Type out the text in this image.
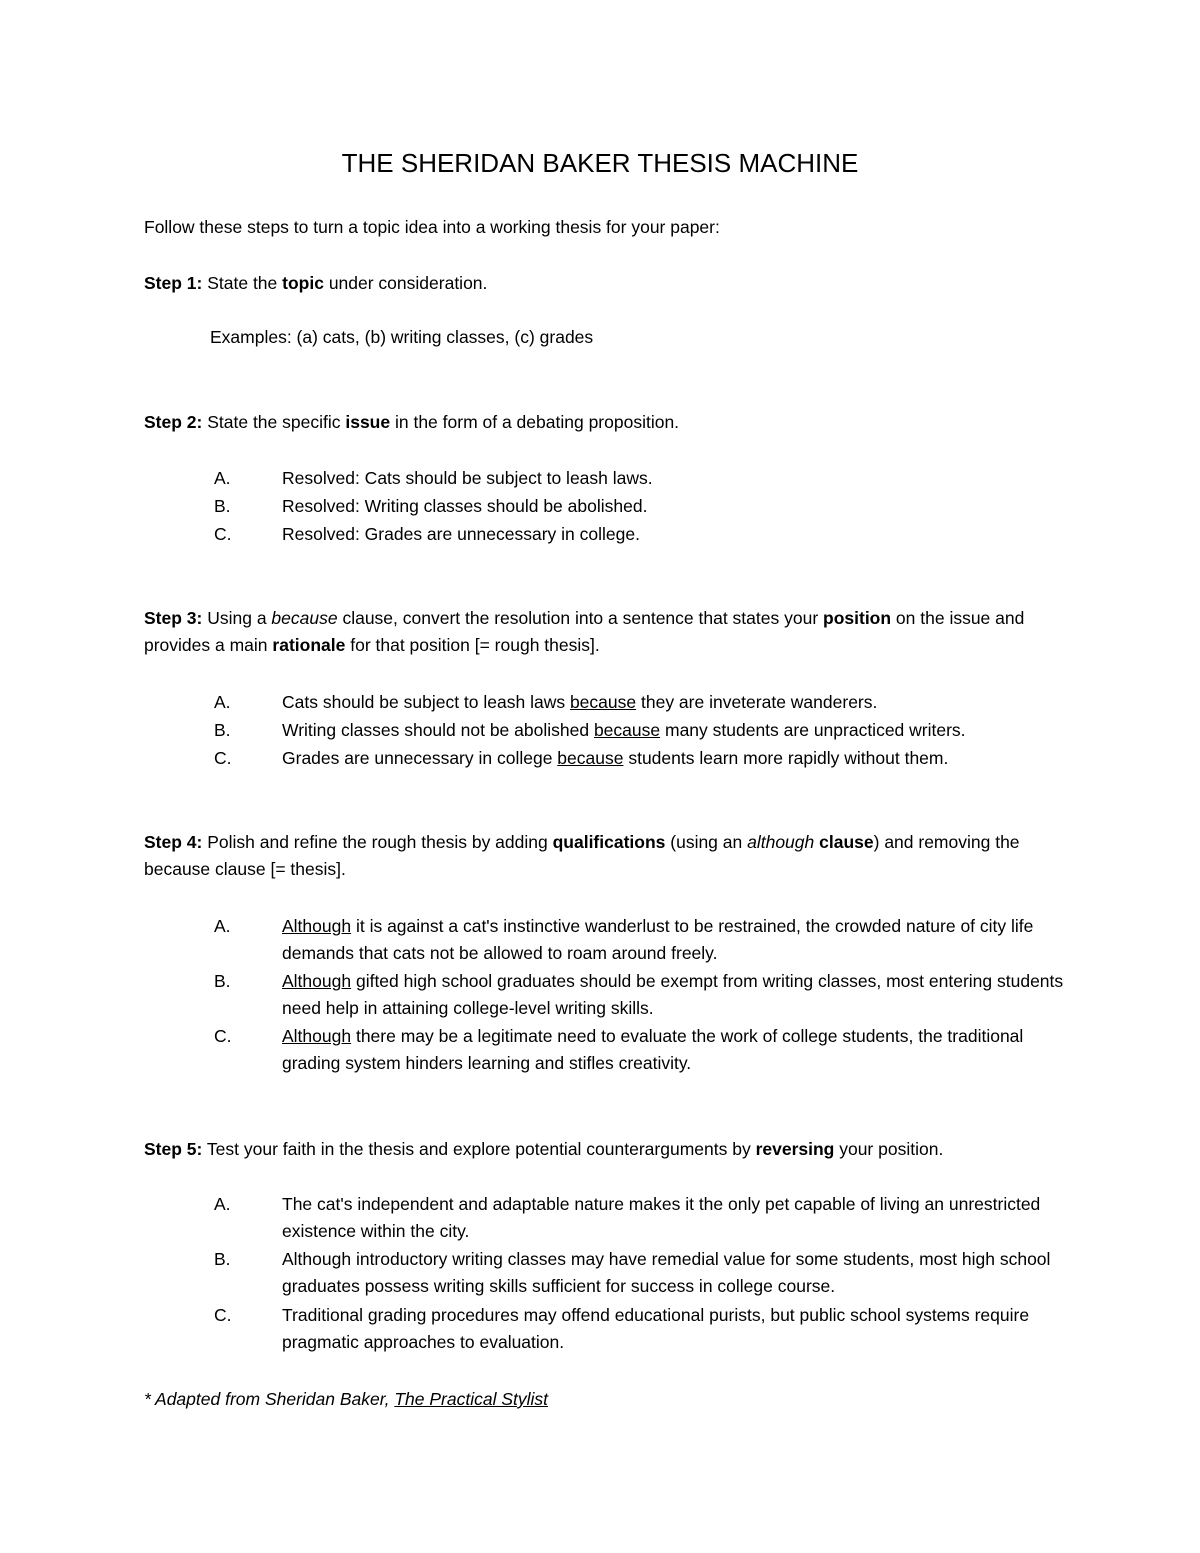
THE SHERIDAN BAKER THESIS MACHINE

Follow these steps to turn a topic idea into a working thesis for your paper:

Step 1: State the topic under consideration.

Examples: (a) cats, (b) writing classes, (c) grades

Step 2: State the specific issue in the form of a debating proposition.

A.	Resolved: Cats should be subject to leash laws.
B.	Resolved: Writing classes should be abolished.
C.	Resolved: Grades are unnecessary in college.

Step 3: Using a because clause, convert the resolution into a sentence that states your position on the issue and provides a main rationale for that position [= rough thesis].

A.	Cats should be subject to leash laws because they are inveterate wanderers.
B.	Writing classes should not be abolished because many students are unpracticed writers.
C.	Grades are unnecessary in college because students learn more rapidly without them.

Step 4: Polish and refine the rough thesis by adding qualifications (using an although clause) and removing the because clause [= thesis].

A.	Although it is against a cat's instinctive wanderlust to be restrained, the crowded nature of city life demands that cats not be allowed to roam around freely.
B.	Although gifted high school graduates should be exempt from writing classes, most entering students need help in attaining college-level writing skills.
C.	Although there may be a legitimate need to evaluate the work of college students, the traditional grading system hinders learning and stifles creativity.

Step 5: Test your faith in the thesis and explore potential counterarguments by reversing your position.

A.	The cat's independent and adaptable nature makes it the only pet capable of living an unrestricted existence within the city.
B.	Although introductory writing classes may have remedial value for some students, most high school graduates possess writing skills sufficient for success in college course.
C.	Traditional grading procedures may offend educational purists, but public school systems require pragmatic approaches to evaluation.

* Adapted from Sheridan Baker, The Practical Stylist
